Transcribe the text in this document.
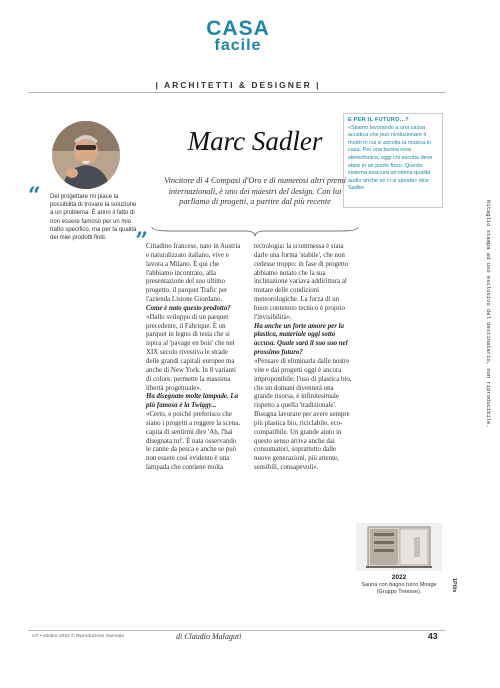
CASA
facile
| ARCHITETTI & DESIGNER |
“ Del progettare mi piace la possibilità di trovare la soluzione a un problema. È anno il fatto di non essere famoso per un mio tratto specifico, ma per la qualità dei miei prodotti finiti.	”
E PER IL FUTURO...?
«Stiamo lavorando a una cassa acustica che può rivoluzionare il modo in cui si ascolta la musica in casa. Per una buona resa stereofonica, oggi chi ascolta deve stare in un punto fisso. Questo sistema assicura un'ottima qualità audio anche se ci si sposta» dice Sadler.
Marc Sadler
Vincitore di 4 Compasi d'Oro e di numerosi altri premi internazionali, è uno dei maestri del design. Con lui parliamo di progetti, a partire dal più recente

Cittadino francese, nato in Austria e naturalizzato italiano, vive e lavora a Milano. È qui che l'abbiamo incontrato, alla presentazione del suo ultimo progetto, il parquet Trafic per l'azienda Listone Giordano.

Come è nato questo prodotto?

«Dallo sviluppo di un parquet precedente, il Fabrique. È un parquet in legno di testa che si ispira al 'pavage en bois' che nel XIX secolo rivestiva le strade delle grandi capitali europee ma anche di New York. In 8 varianti di colore, permette la massima libertà progettuale».

Ha disegnato molte lampade. La più famosa è la Twiggy...

«Certo, e poiché preferisco che siano i progetti a reggere la scena, capita di sentirmi dire 'Ah, l'hai disegnata tu!'. È nata osservando le canne da pesca e anche se può non essere così evidente è una lampada che contiene molta

tecnologia: la scommessa è stata darle una forma 'stabile', che non cedesse troppo: in fase di progetto abbiamo notato che la sua inclinazione variava addirittura al mutare delle condizioni meteorologiche. La forza di un buon contenuto tecnico è proprio l'invisibilità».

Ha anche un forte amore per la plastica, materiale oggi sotto accusa. Quale sarà il suo uso nel prossimo futuro?

«Pensare di eliminarla dalle nostre vite e dai progetti oggi è ancora improponibile; l'uso di plastica bio, che un domani diventerà una grande risorsa, è infinitesimale rispetto a quella 'tradizionale'. Bisogna lavorare per avere sempre più plastica bio, riciclabile, eco-compatibile. Un grande aiuto in questo senso arriva anche dai consumatori, soprattutto dalle nuove generazioni, più attente, sensibili, consapevoli».

2022
Sauna con bagno turco Mirage (Gruppo Treesse).
CF • ottobre 2022 © Riproduzione riservata	di Claudio Malaguti	43
Ritaglio stampa ad uso esclusivo del destinatario, non riproducibile.
1Pilis
